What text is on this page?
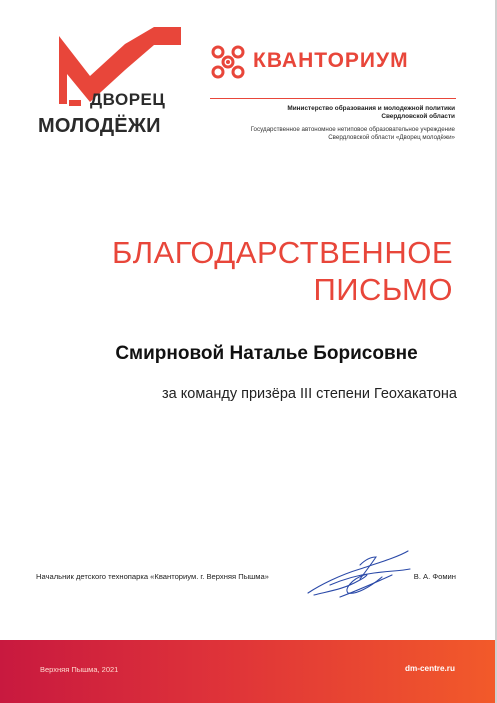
ДВОРЕЦ
МОЛОДЁЖИ
КВАНТОРИУМ
Министерство образования и молодежной политики
Свердловской области
Государственное автономное нетиповое образовательное учреждение
Свердловской области «Дворец молодёжи»
БЛАГОДАРСТВЕННОЕ
ПИСЬМО
Смирновой Наталье Борисовне
за команду призёра III степени Геохакатона
Начальник детского технопарка «Кванториум. г. Верхняя Пышма»	В. А. Фомин
Верхняя Пышма, 2021	dm-centre.ru
